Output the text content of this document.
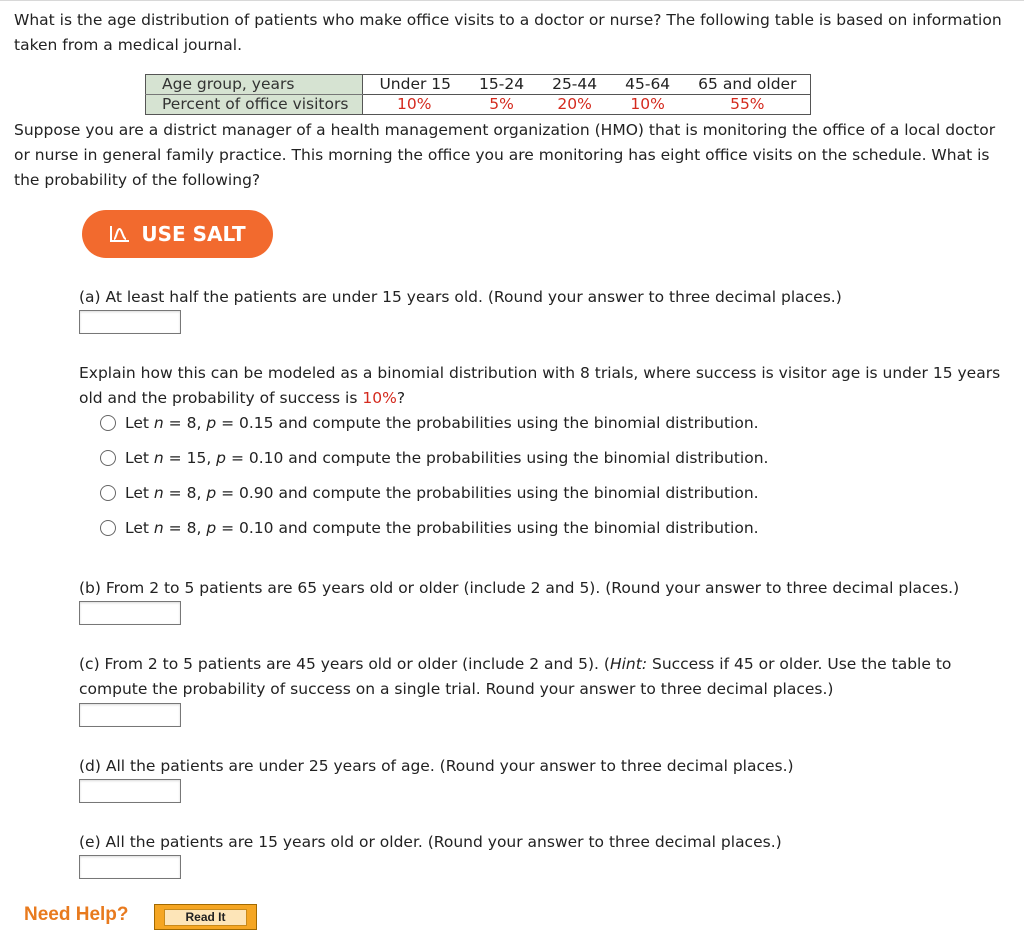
What is the age distribution of patients who make office visits to a doctor or nurse? The following table is based on information taken from a medical journal.
Age group, years	Under 15	15-24	25-44	45-64	65 and older
Percent of office visitors	10%	5%	20%	10%	55%
Suppose you are a district manager of a health management organization (HMO) that is monitoring the office of a local doctor or nurse in general family practice. This morning the office you are monitoring has eight office visits on the schedule. What is the probability of the following?
USE SALT
(a) At least half the patients are under 15 years old. (Round your answer to three decimal places.)
Explain how this can be modeled as a binomial distribution with 8 trials, where success is visitor age is under 15 years old and the probability of success is 10%?
Let n = 8, p = 0.15 and compute the probabilities using the binomial distribution.
Let n = 15, p = 0.10 and compute the probabilities using the binomial distribution.
Let n = 8, p = 0.90 and compute the probabilities using the binomial distribution.
Let n = 8, p = 0.10 and compute the probabilities using the binomial distribution.
(b) From 2 to 5 patients are 65 years old or older (include 2 and 5). (Round your answer to three decimal places.)
(c) From 2 to 5 patients are 45 years old or older (include 2 and 5). (Hint: Success if 45 or older. Use the table to compute the probability of success on a single trial. Round your answer to three decimal places.)
(d) All the patients are under 25 years of age. (Round your answer to three decimal places.)
(e) All the patients are 15 years old or older. (Round your answer to three decimal places.)
Need Help?	Read It
